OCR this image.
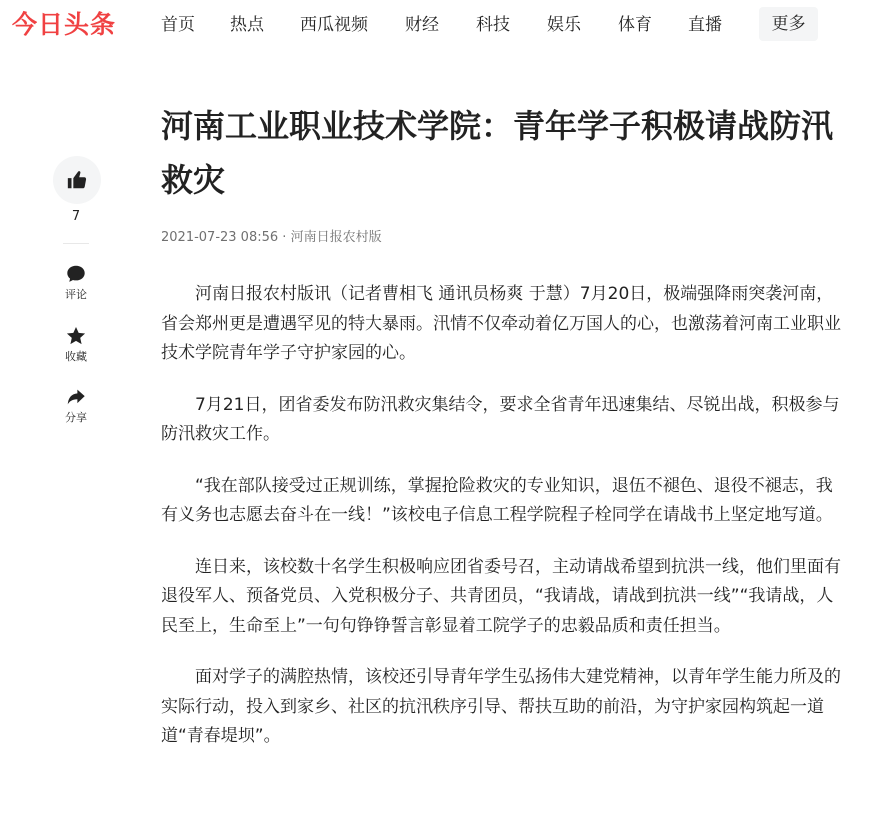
今日头条	首页 热点 西瓜视频 财经 科技 娱乐 体育 直播	更多
7
评论
收藏
分享
河南工业职业技术学院：青年学子积极请战防汛救灾
2021-07-23 08:56 · 河南日报农村版

河南日报农村版讯（记者曹相飞 通讯员杨爽 于慧）7月20日，极端强降雨突袭河南，省会郑州更是遭遇罕见的特大暴雨。汛情不仅牵动着亿万国人的心，也激荡着河南工业职业技术学院青年学子守护家园的心。

7月21日，团省委发布防汛救灾集结令，要求全省青年迅速集结、尽锐出战，积极参与防汛救灾工作。

“我在部队接受过正规训练，掌握抢险救灾的专业知识，退伍不褪色、退役不褪志，我有义务也志愿去奋斗在一线！”该校电子信息工程学院程子栓同学在请战书上坚定地写道。

连日来，该校数十名学生积极响应团省委号召，主动请战希望到抗洪一线，他们里面有退役军人、预备党员、入党积极分子、共青团员，“我请战，请战到抗洪一线”“我请战，人民至上，生命至上”一句句铮铮誓言彰显着工院学子的忠毅品质和责任担当。

面对学子的满腔热情，该校还引导青年学生弘扬伟大建党精神，以青年学生能力所及的实际行动，投入到家乡、社区的抗汛秩序引导、帮扶互助的前沿，为守护家园构筑起一道道“青春堤坝”。
